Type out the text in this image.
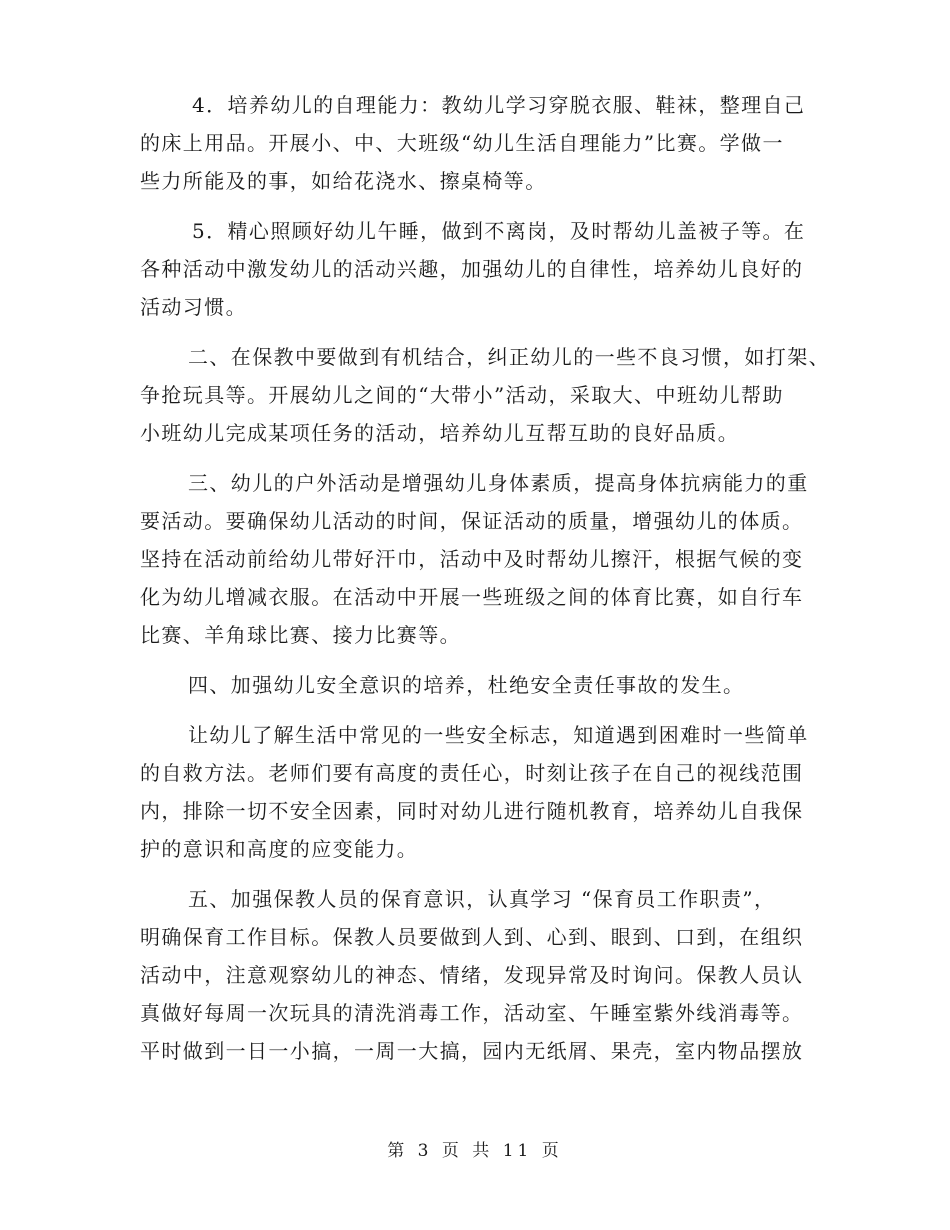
4．培养幼儿的自理能力：教幼儿学习穿脱衣服、鞋袜，整理自己
的床上用品。开展小、中、大班级“幼儿生活自理能力”比赛。学做一
些力所能及的事，如给花浇水、擦桌椅等。

5．精心照顾好幼儿午睡，做到不离岗，及时帮幼儿盖被子等。在
各种活动中激发幼儿的活动兴趣，加强幼儿的自律性，培养幼儿良好的
活动习惯。

二、在保教中要做到有机结合，纠正幼儿的一些不良习惯，如打架、
争抢玩具等。开展幼儿之间的“大带小”活动，采取大、中班幼儿帮助
小班幼儿完成某项任务的活动，培养幼儿互帮互助的良好品质。

三、幼儿的户外活动是增强幼儿身体素质，提高身体抗病能力的重
要活动。要确保幼儿活动的时间，保证活动的质量，增强幼儿的体质。
坚持在活动前给幼儿带好汗巾，活动中及时帮幼儿擦汗，根据气候的变
化为幼儿增减衣服。在活动中开展一些班级之间的体育比赛，如自行车
比赛、羊角球比赛、接力比赛等。

四、加强幼儿安全意识的培养，杜绝安全责任事故的发生。

让幼儿了解生活中常见的一些安全标志，知道遇到困难时一些简单
的自救方法。老师们要有高度的责任心，时刻让孩子在自己的视线范围
内，排除一切不安全因素，同时对幼儿进行随机教育，培养幼儿自我保
护的意识和高度的应变能力。

五、加强保教人员的保育意识，认真学习 “保育员工作职责”，
明确保育工作目标。保教人员要做到人到、心到、眼到、口到，在组织
活动中，注意观察幼儿的神态、情绪，发现异常及时询问。保教人员认
真做好每周一次玩具的清洗消毒工作，活动室、午睡室紫外线消毒等。
平时做到一日一小搞，一周一大搞，园内无纸屑、果壳，室内物品摆放

第 3 页 共 11 页
